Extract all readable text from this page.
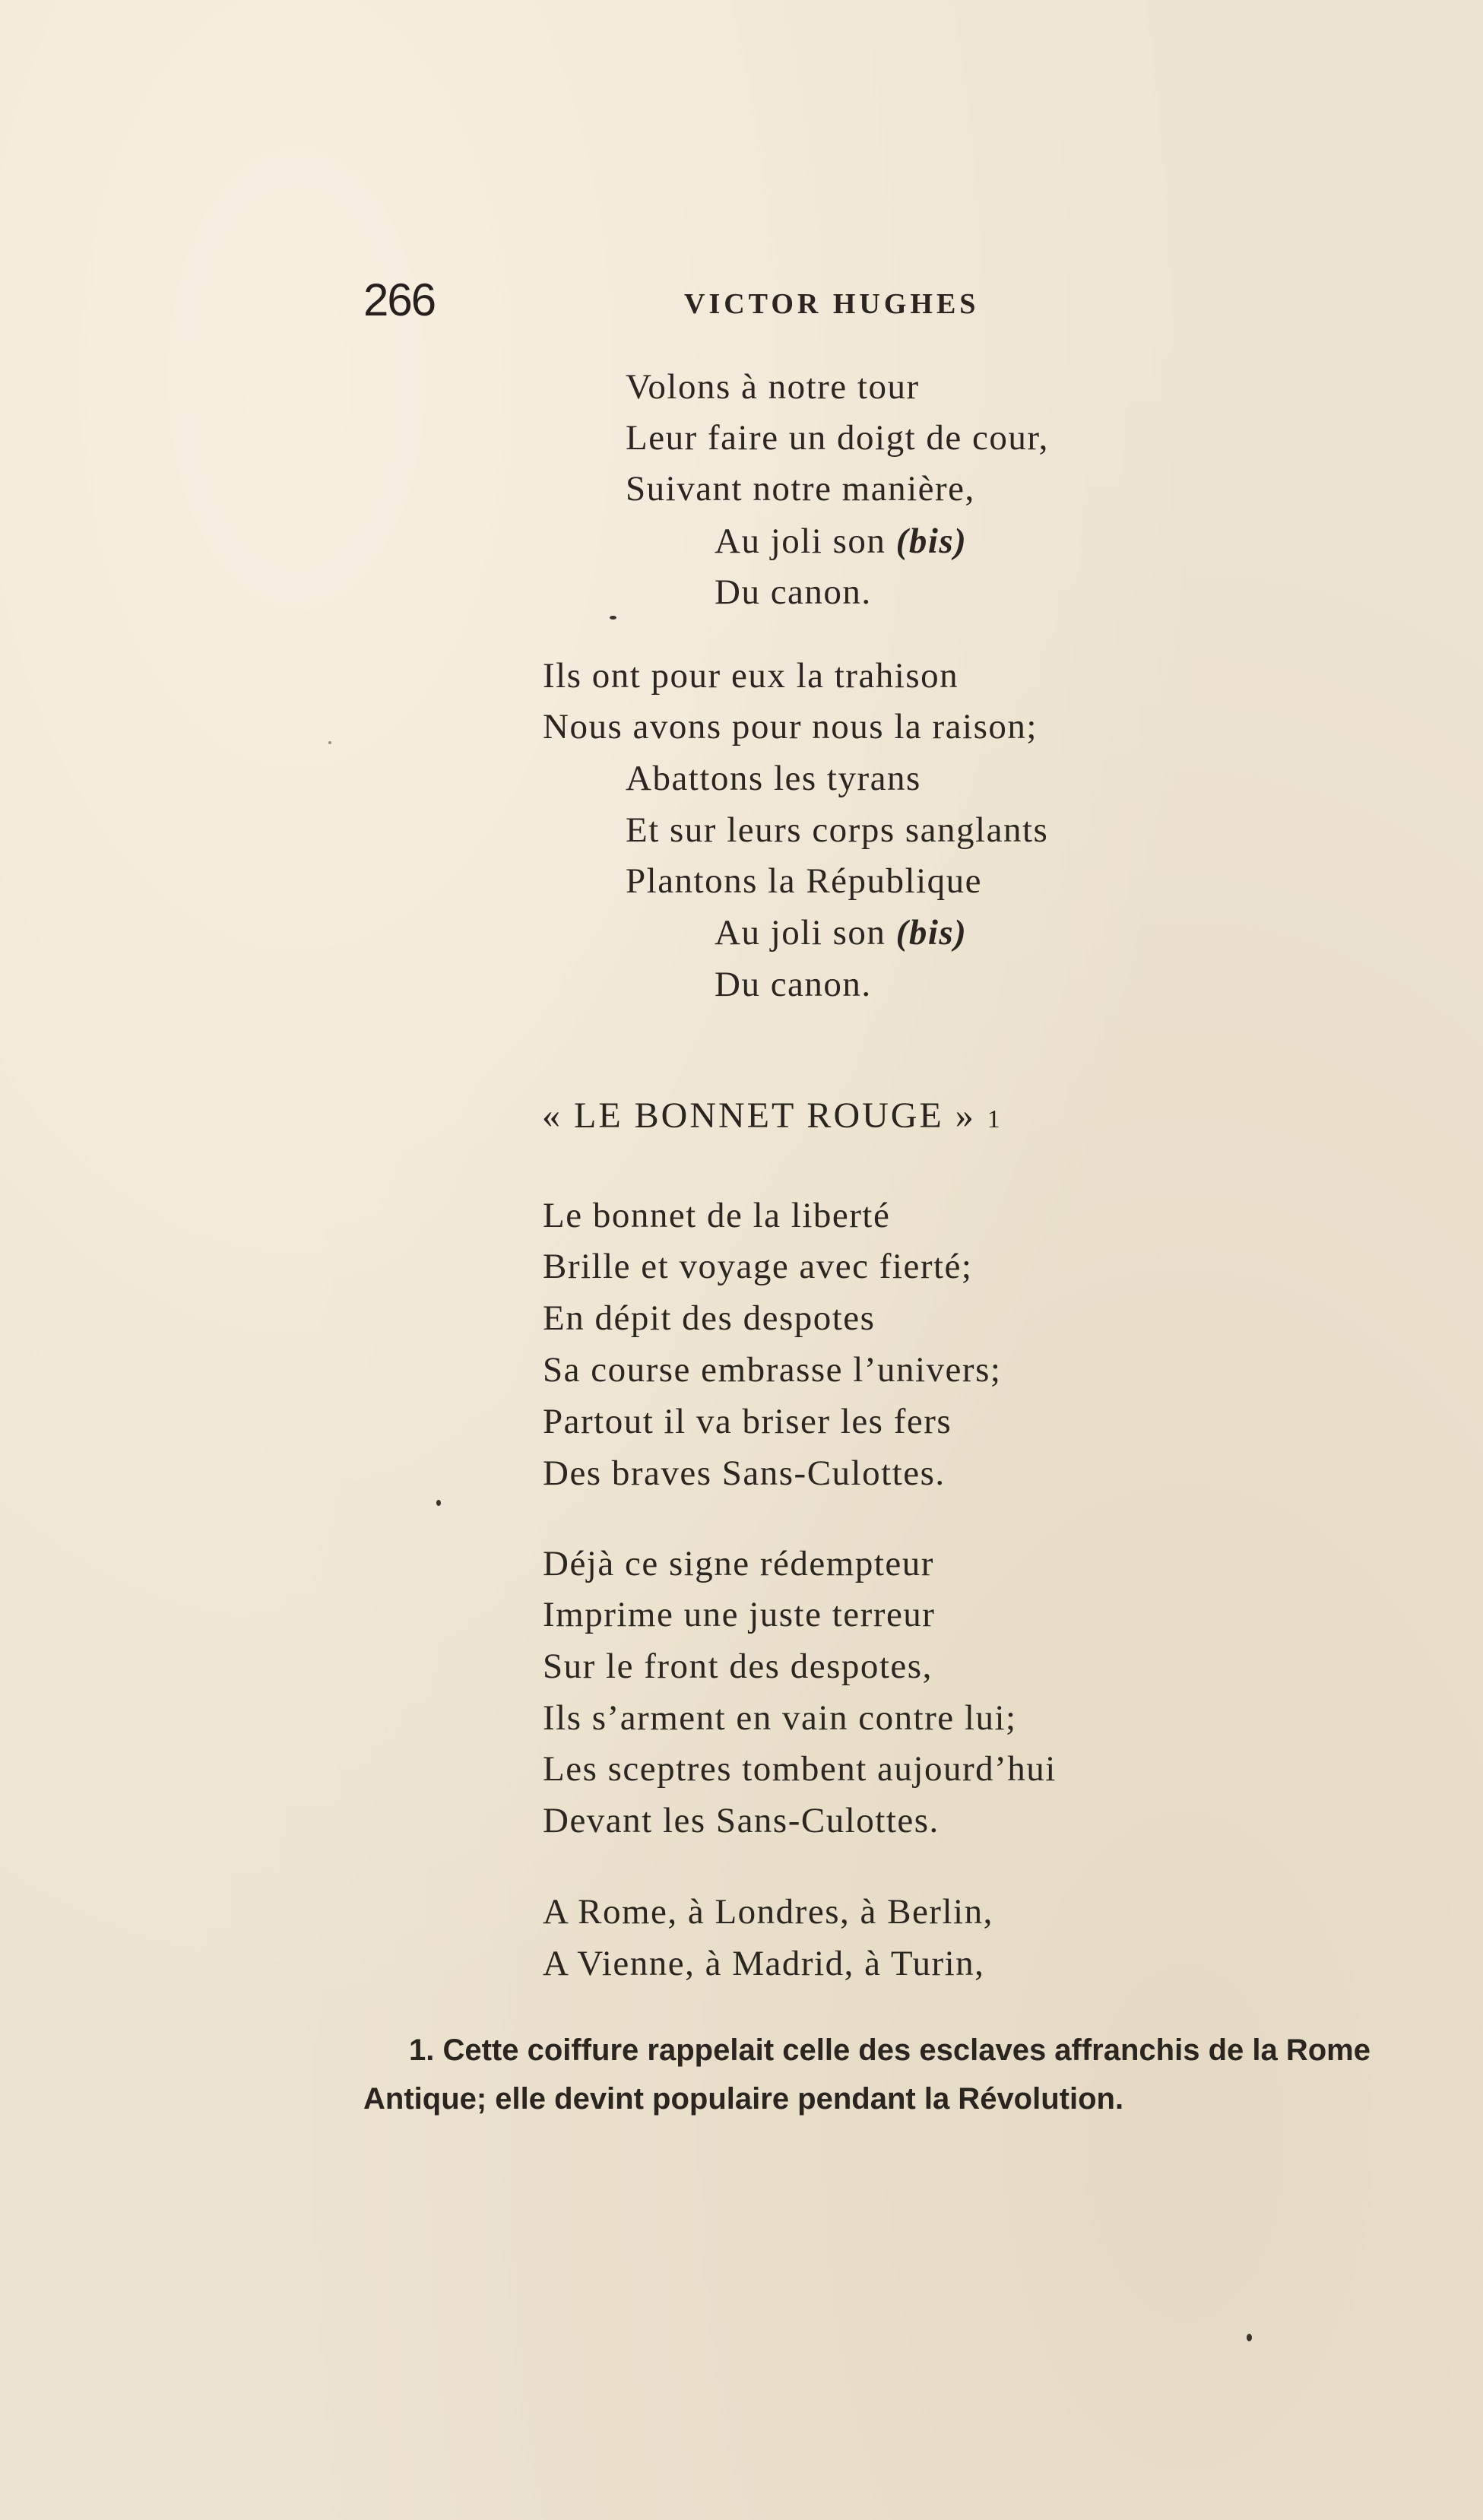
266	VICTOR HUGHES
Volons à notre tour
Leur faire un doigt de cour,
Suivant notre manière,
Au joli son (bis)
Du canon.
Ils ont pour eux la trahison
Nous avons pour nous la raison;
Abattons les tyrans
Et sur leurs corps sanglants
Plantons la République
Au joli son (bis)
Du canon.
« LE BONNET ROUGE » 1
Le bonnet de la liberté
Brille et voyage avec fierté;
En dépit des despotes
Sa course embrasse l’univers;
Partout il va briser les fers
Des braves Sans-Culottes.
Déjà ce signe rédempteur
Imprime une juste terreur
Sur le front des despotes,
Ils s’arment en vain contre lui;
Les sceptres tombent aujourd’hui
Devant les Sans-Culottes.
A Rome, à Londres, à Berlin,
A Vienne, à Madrid, à Turin,
1. Cette coiffure rappelait celle des esclaves affranchis de la Rome Antique; elle devint populaire pendant la Révolution.
